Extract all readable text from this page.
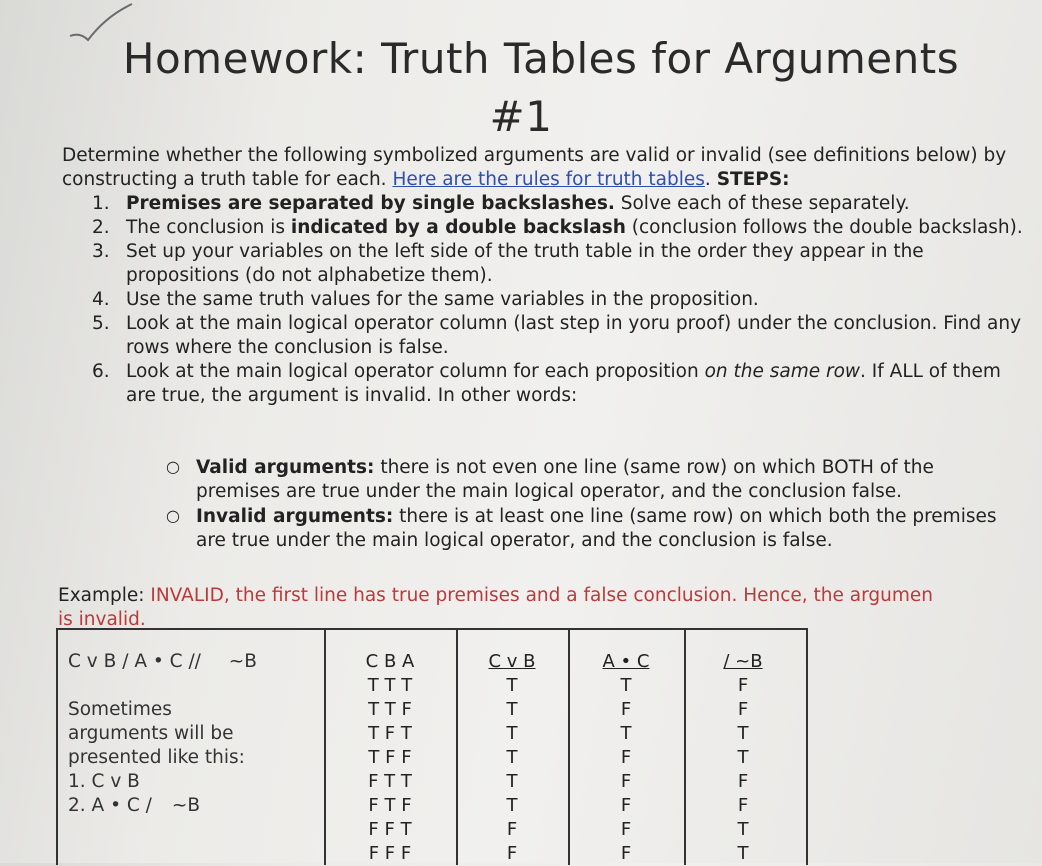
Homework: Truth Tables for Arguments
#1
Determine whether the following symbolized arguments are valid or invalid (see definitions below) by constructing a truth table for each. Here are the rules for truth tables. STEPS:
1. Premises are separated by single backslashes. Solve each of these separately.
2. The conclusion is indicated by a double backslash (conclusion follows the double backslash).
3. Set up your variables on the left side of the truth table in the order they appear in the propositions (do not alphabetize them).
4. Use the same truth values for the same variables in the proposition.
5. Look at the main logical operator column (last step in yoru proof) under the conclusion. Find any rows where the conclusion is false.
6. Look at the main logical operator column for each proposition on the same row. If ALL of them are true, the argument is invalid. In other words:
○ Valid arguments: there is not even one line (same row) on which BOTH of the premises are true under the main logical operator, and the conclusion false.
○ Invalid arguments: there is at least one line (same row) on which both the premises are true under the main logical operator, and the conclusion is false.
Example: INVALID, the first line has true premises and a false conclusion. Hence, the argumen
is invalid.
C v B / A • C // ~B
Sometimes
arguments will be
presented like this:
1. C v B
2. A • C / ~B
C B A
T T T
T T F
T F T
T F F
F T T
F T F
F F T
F F F
C v B
T
T
T
T
T
T
F
F
A • C
T
F
T
F
F
F
F
F
/ ~B
F
F
T
T
F
F
T
T
